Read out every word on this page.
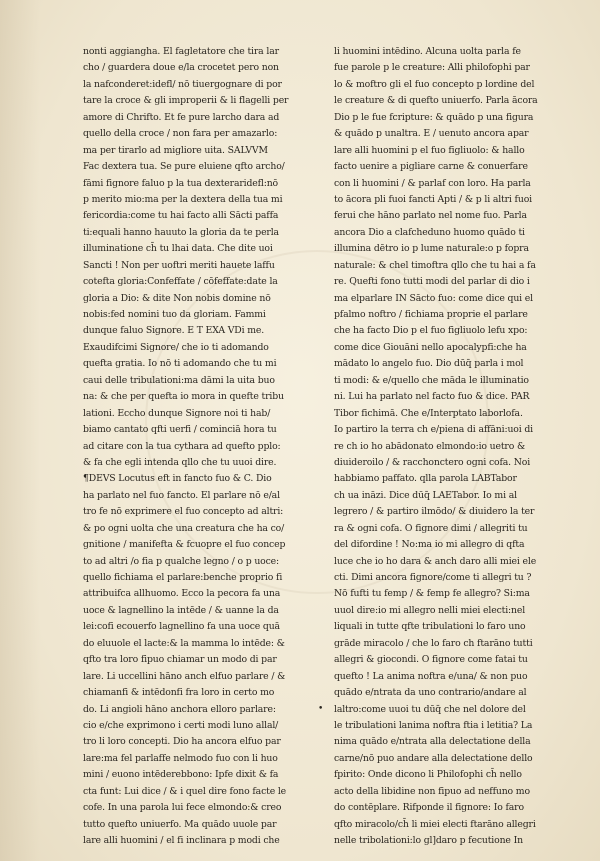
nonti aggiangha. El fagletatore che tira lar
cho / guardera doue e/la crocetet pero non
la nafconderet:idefl/ nō tiuergognare di por
tare la croce & gli improperii & li flagelli per
amore di Chrifto. Et fe pure larcho dara ad
quello della croce / non fara per amazarlo:
ma per tirarlo ad migliore uita. SALVVM
Fac dextera tua. Se pure eluiene qfto archo/
fāmi fignore faluo p la tua dexteraridefl:nō
p merito mio:ma per la dextera della tua mi
fericordia:come tu hai facto alli Sācti paffa
ti:equali hanno hauuto la gloria da te perla
illuminatione ch̄ tu lhai data. Che dite uoi
Sancti ! Non per uoftri meriti hauete laffu
cotefta gloria:Confeffate / cōfeffate:date la
gloria a Dio: & dite Non nobis domine nō
nobis:fed nomini tuo da gloriam. Fammi
dunque faluo Signore. E T EXA VDi me.
Exaudifcimi Signore/ che io ti adomando
quefta gratia. Io nō ti adomando che tu mi
caui delle tribulationi:ma dāmi la uita buo
na: & che per quefta io mora in quefte tribu
lationi. Eccho dunque Signore noi ti hab/
biamo cantato qfti uerfi / cominciā hora tu
ad citare con la tua cythara ad quefto pplo:
& fa che egli intenda qllo che tu uuoi dire.
¶DEVS Locutus eft in fancto fuo & C. Dio
ha parlato nel fuo fancto. El parlare nō e/al
tro fe nō exprimere el fuo concepto ad altri:
& po ogni uolta che una creatura che ha co/
gnitione / manifefta & fcuopre el fuo concep
to ad altri /o fia p qualche legno / o p uoce:
quello fichiama el parlare:benche proprio fi
attribuifca allhuomo. Ecco la pecora fa una
uoce & lagnellino la intēde / & uanne la da
lei:cofi ecouerfo lagnellino fa una uoce quā
do eluuole el lacte:& la mamma lo intēde: &
qfto tra loro fipuo chiamar un modo di par
lare. Li uccellini hāno anch elfuo parlare / &
chiamanfi & intēdonfi fra loro in certo mo
do. Li angioli hāno anchora elloro parlare:
cio e/che exprimono i certi modi luno allal/
tro li loro concepti. Dio ha ancora elfuo par
lare:ma fel parlaffe nelmodo fuo con li huo
mini / euono intēderebbono: Ipfe dixit & fa
cta funt: Lui dice / & i quel dire fono facte le
cofe. In una parola lui fece elmondo:& creo
tutto quefto uniuerfo. Ma quādo uuole par
lare alli huomini / el fi inclinara p modi che
li huomini intēdino. Alcuna uolta parla fe
fue parole p le creature: Alli philofophi par
lo & moftro gli el fuo concepto p lordine del
le creature & di quefto uniuerfo. Parla ācora
Dio p le fue fcripture: & quādo p una figura
& quādo p unaltra. E / uenuto ancora apar
lare alli huomini p el fuo figliuolo: & hallo
facto uenire a pigliare carne & conuerfare
con li huomini / & parlaf con loro. Ha parla
to ācora pli fuoi fancti Apti / & p li altri fuoi
ferui che hāno parlato nel nome fuo. Parla
ancora Dio a clafcheduno huomo quādo ti
illumina dētro io p lume naturale:o p fopra
naturale: & chel timoftra qllo che tu hai a fa
re. Quefti fono tutti modi del parlar di dio i
ma elparlare IN Sācto fuo: come dice qui el
pfalmo noftro / fichiama proprie el parlare
che ha facto Dio p el fuo figliuolo lefu xpo:
come dice Giouāni nello apocalypfi:che ha
mādato lo angelo fuo. Dio dūq̄ parla i mol
ti modi: & e/quello che māda le illuminatio
ni. Lui ha parlato nel facto fuo & dice. PAR
Tibor fichimā. Che e/Interptato laborlofa.
Io partiro la terra ch e/piena di affāni:uoi di
re ch io ho abādonato elmondo:io uetro &
diuideroilo / & racchonctero ogni cofa. Noi
habbiamo paffato. qlla parola LABTabor
ch ua ināzi. Dice dūq̄ LAETabor. Io mi al
legrero / & partiro ilmōdo/ & diuidero la ter
ra & ogni cofa. O fignore dimi / allegriti tu
del difordine ! No:ma io mi allegro di qfta
luce che io ho dara & anch daro alli miei ele
cti. Dimi ancora fignore/come ti allegri tu ?
Nō fufti tu femp / & femp fe allegro? Si:ma
uuol dire:io mi allegro nelli miei electi:nel
liquali in tutte qfte tribulationi lo faro uno
grāde miracolo / che lo faro ch ftarāno tutti
allegri & giocondi. O fignore come fatai tu
quefto ! La anima noftra e/una/ & non puo
quādo e/ntrata da uno contrario/andare al
laltro:come uuoi tu dūq̄ che nel dolore del
le tribulationi lanima noftra ftia i letitia? La
nima quādo e/ntrata alla delectatione della
carne/nō puo andare alla delectatione dello
fpirito: Onde dicono li Philofophi ch̄ nello
acto della libidine non fipuo ad neffuno mo
do contēplare. Rifponde il fignore: Io faro
qfto miracolo/ch̄ li miei electi ftarāno allegri
nelle tribolationi:lo gl]daro p fecutione In
•
